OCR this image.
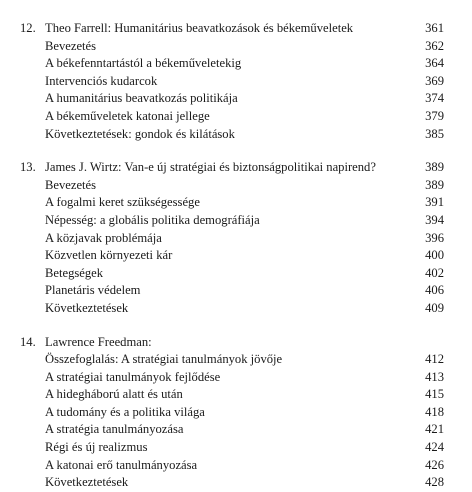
12. Theo Farrell: Humanitárius beavatkozások és békeműveletek	361
Bevezetés	362
A békefenntartástól a békeműveletekig	364
Intervenciós kudarcok	369
A humanitárius beavatkozás politikája	374
A békeműveletek katonai jellege	379
Következtetések: gondok és kilátások	385
13. James J. Wirtz: Van-e új stratégiai és biztonságpolitikai napirend?	389
Bevezetés	389
A fogalmi keret szükségessége	391
Népesség: a globális politika demográfiája	394
A közjavak problémája	396
Közvetlen környezeti kár	400
Betegségek	402
Planetáris védelem	406
Következtetések	409
14. Lawrence Freedman:
Összefoglalás: A stratégiai tanulmányok jövője	412
A stratégiai tanulmányok fejlődése	413
A hidegháború alatt és után	415
A tudomány és a politika világa	418
A stratégia tanulmányozása	421
Régi és új realizmus	424
A katonai erő tanulmányozása	426
Következtetések	428
